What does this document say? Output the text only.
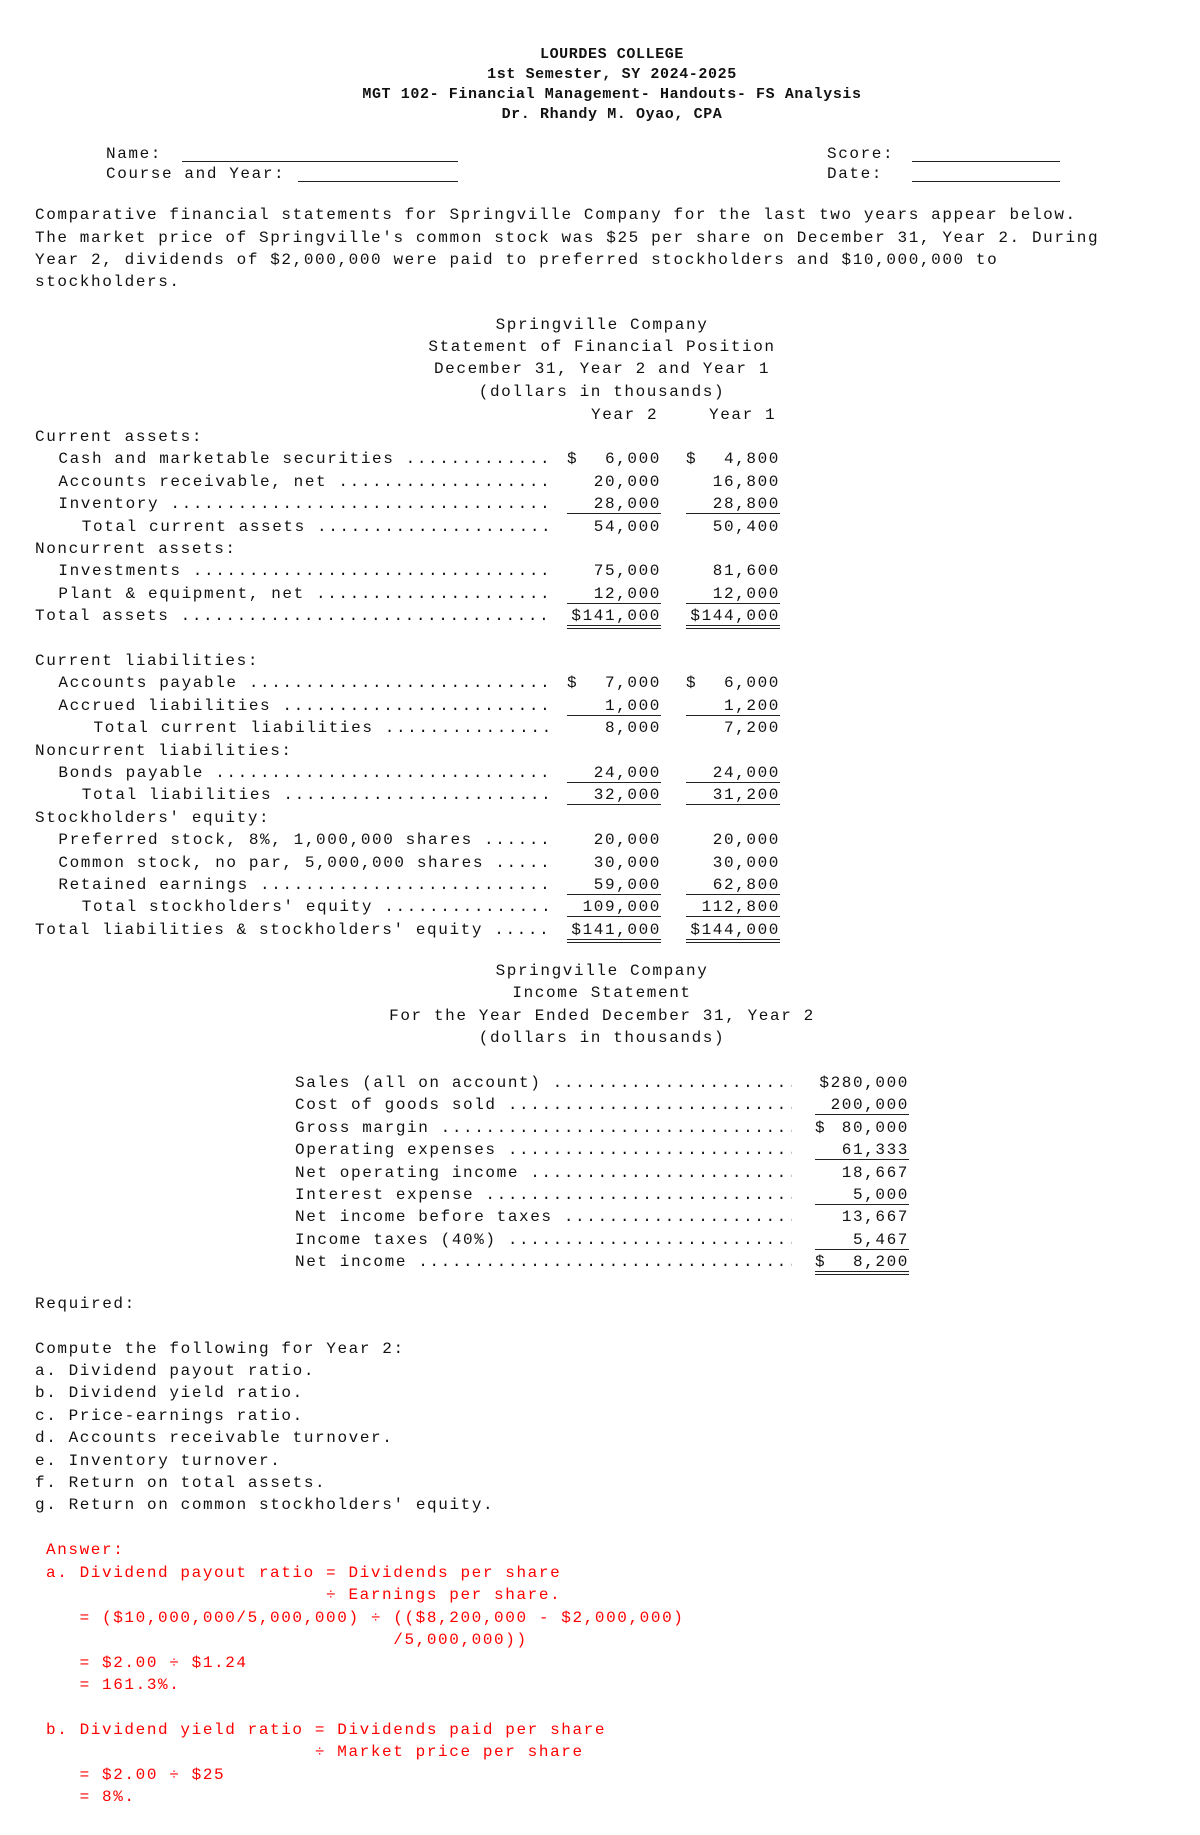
LOURDES COLLEGE
1st Semester, SY 2024-2025
MGT 102- Financial Management- Handouts- FS Analysis
Dr. Rhandy M. Oyao, CPA
Name:
Course and Year:
Score:
Date:
Comparative financial statements for Springville Company for the last two years appear below.
The market price of Springville's common stock was $25 per share on December 31, Year 2. During
Year 2, dividends of $2,000,000 were paid to preferred stockholders and $10,000,000 to
stockholders.
Springville Company
Statement of Financial Position
December 31, Year 2 and Year 1
(dollars in thousands)
Year 2	Year 1
Current assets:
Cash and marketable securities .....	$ 6,000 $ 4,800
Accounts receivable, net .....	20,000	16,800
Inventory .....	28,000	28,800
Total current assets .....	54,000	50,400
Noncurrent assets:
Investments .....	75,000	81,600
Plant & equipment, net .....	12,000	12,000
Total assets .....	$141,000 $144,000
Current liabilities:
Accounts payable .....	$ 7,000 $ 6,000
Accrued liabilities .....	1,000	1,200
Total current liabilities .....	8,000	7,200
Noncurrent liabilities:
Bonds payable .....	24,000	24,000
Total liabilities .....	32,000	31,200
Stockholders' equity:
Preferred stock, 8%, 1,000,000 shares .....	20,000	20,000
Common stock, no par, 5,000,000 shares .....	30,000	30,000
Retained earnings .....	59,000	62,800
Total stockholders' equity .....	109,000	112,800
Total liabilities & stockholders' equity .....	$141,000 $144,000
Springville Company
Income Statement
For the Year Ended December 31, Year 2
(dollars in thousands)
Sales (all on account) .....	$280,000
Cost of goods sold .....	200,000
Gross margin .....	$ 80,000
Operating expenses .....	61,333
Net operating income .....	18,667
Interest expense .....	5,000
Net income before taxes .....	13,667
Income taxes (40%) .....	5,467
Net income .....	$ 8,200
Required:
Compute the following for Year 2:
a. Dividend payout ratio.
b. Dividend yield ratio.
c. Price-earnings ratio.
d. Accounts receivable turnover.
e. Inventory turnover.
f. Return on total assets.
g. Return on common stockholders' equity.
Answer:
a. Dividend payout ratio = Dividends per share
÷ Earnings per share.
= ($10,000,000/5,000,000) ÷ (($8,200,000 - $2,000,000)
/5,000,000))
= $2.00 ÷ $1.24
= 161.3%.
b. Dividend yield ratio = Dividends paid per share
÷ Market price per share
= $2.00 ÷ $25
= 8%.
